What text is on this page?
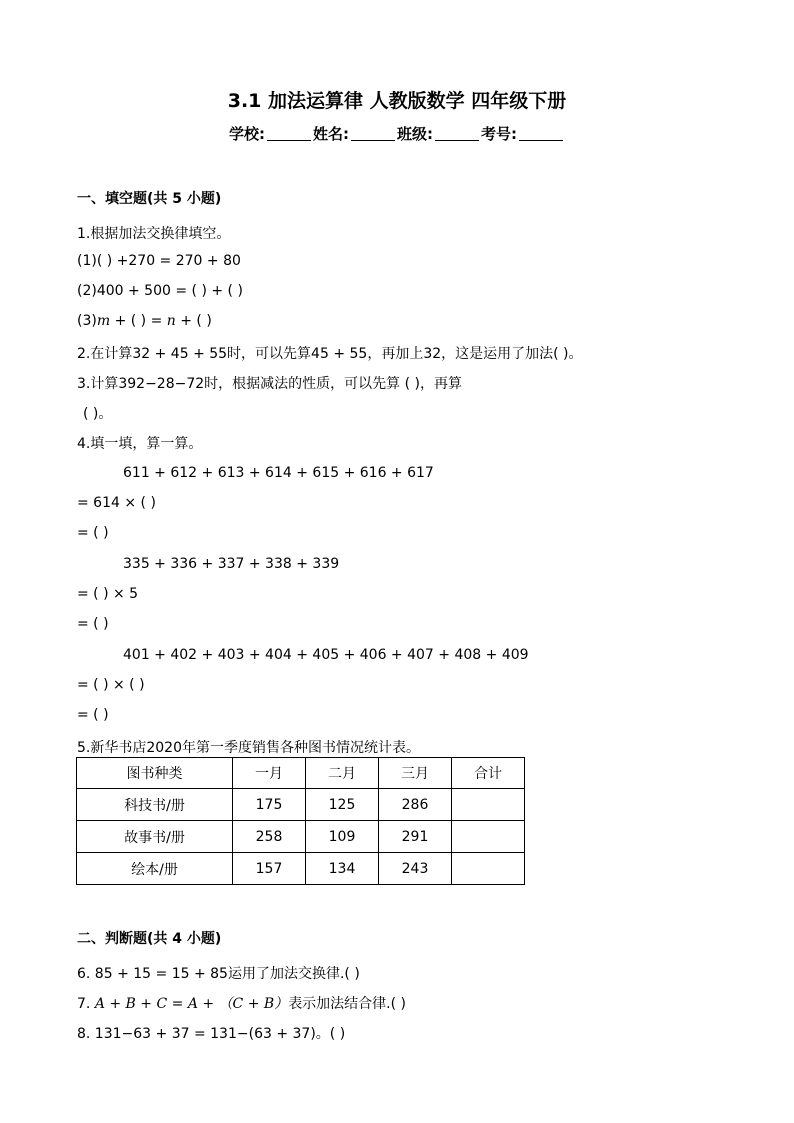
3.1 加法运算律 人教版数学 四年级下册
学校:	姓名:	班级:	考号:
一、填空题(共 5 小题)
1.根据加法交换律填空。
(1)( ) +270 = 270 + 80
(2)400 + 500 = ( ) + ( )
(3)m + ( ) = n + ( )
2.在计算32 + 45 + 55时，可以先算45 + 55，再加上32，这是运用了加法( )。
3.计算392−28−72时，根据减法的性质，可以先算 ( )，再算
( )。
4.填一填，算一算。
611 + 612 + 613 + 614 + 615 + 616 + 617
= 614 × ( )
= ( )
335 + 336 + 337 + 338 + 339
= ( ) × 5
= ( )
401 + 402 + 403 + 404 + 405 + 406 + 407 + 408 + 409
= ( ) × ( )
= ( )
5.新华书店2020年第一季度销售各种图书情况统计表。
图书种类	一月	二月	三月	合计
科技书/册	175	125	286	
故事书/册	258	109	291	
绘本/册	157	134	243	
二、判断题(共 4 小题)
6. 85 + 15 = 15 + 85运用了加法交换律.( )
7. A + B + C = A + （C + B）表示加法结合律.( )
8. 131−63 + 37 = 131−(63 + 37)。( )
